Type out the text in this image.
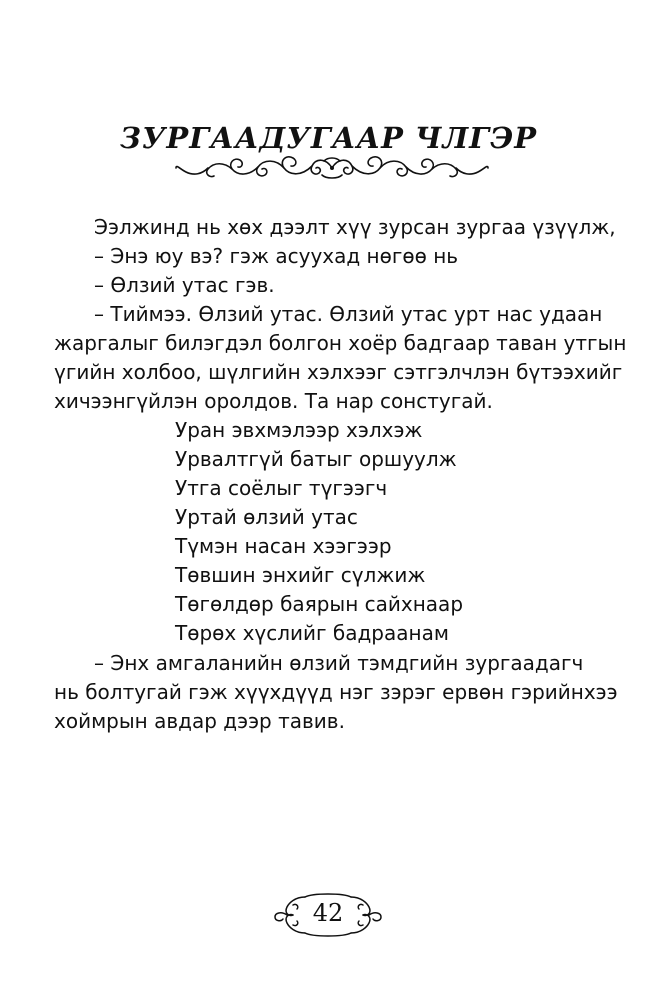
ЗУРГААДУГААР ЧЛГЭР

Ээлжинд нь хөх дээлт хүү зурсан зургаа үзүүлж,

– Энэ юу вэ? гэж асуухад нөгөө нь

– Өлзий утас гэв.

– Тиймээ. Өлзий утас. Өлзий утас урт нас удаан
жаргалыг билэгдэл болгон хоёр бадгаар таван утгын
үгийн холбоо, шүлгийн хэлхээг сэтгэлчлэн бүтээхийг
хичээнгүйлэн оролдов. Та нар сонстугай.
Уран эвхмэлээр хэлхэж
Урвалтгүй батыг оршуулж
Утга соёлыг түгээгч
Уртай өлзий утас
Түмэн насан хээгээр
Төвшин энхийг сүлжиж
Төгөлдөр баярын сайхнаар
Төрөх хүслийг бадраанам
– Энх амгаланийн өлзий тэмдгийн зургаадагч
нь болтугай гэж хүүхдүүд нэг зэрэг ервөн гэрийнхээ
хоймрын авдар дээр тавив.
42
